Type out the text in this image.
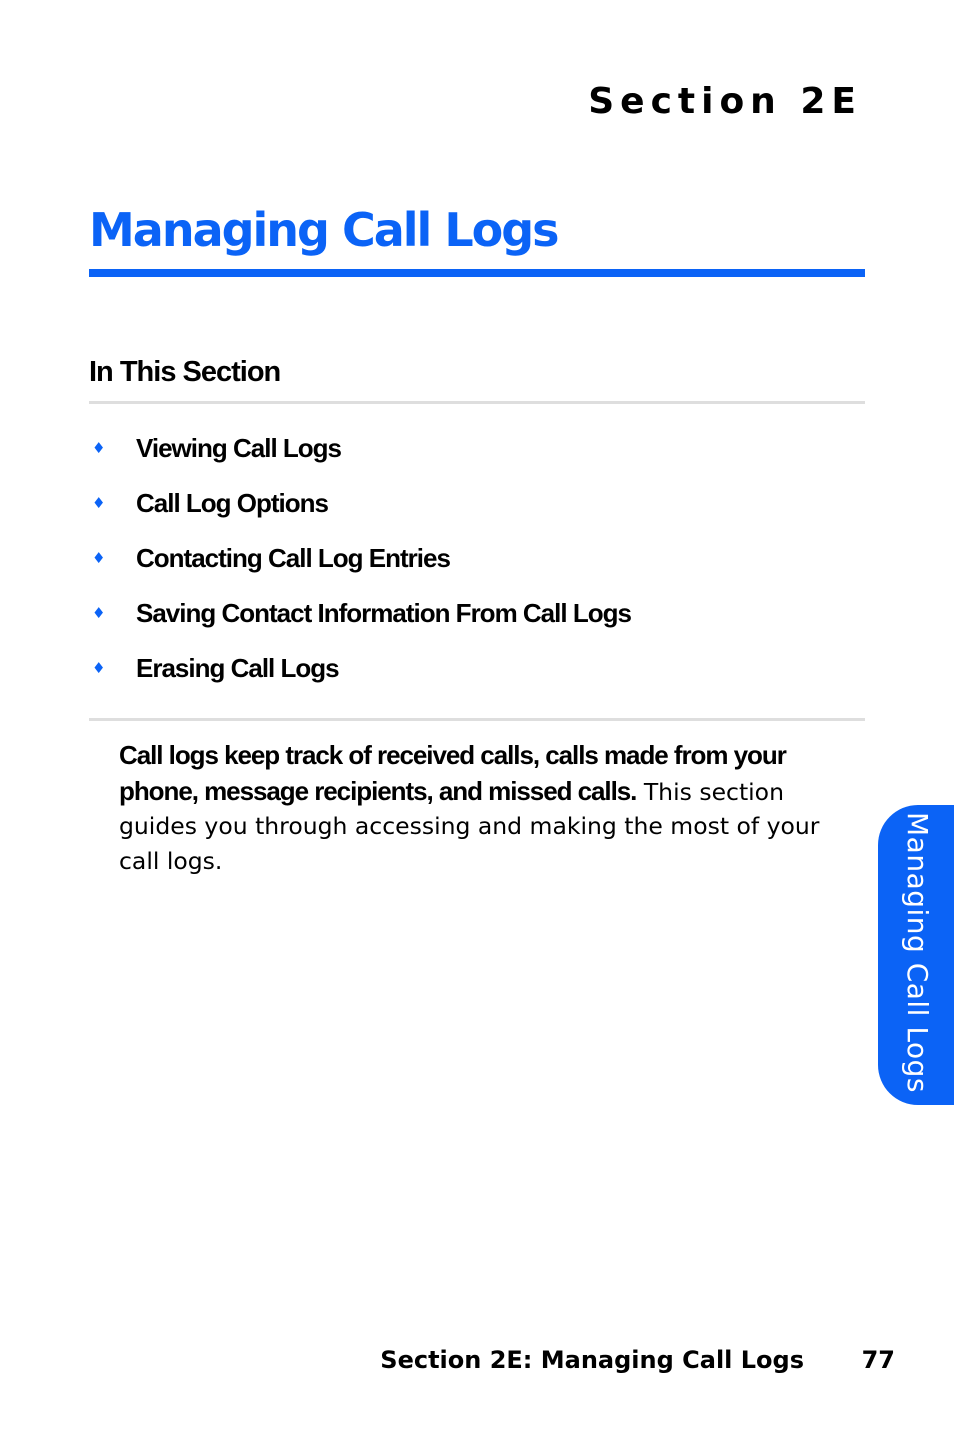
Section 2E
Managing Call Logs
In This Section
♦	Viewing Call Logs
♦	Call Log Options
♦	Contacting Call Log Entries
♦	Saving Contact Information From Call Logs
♦	Erasing Call Logs

Call logs keep track of received calls, calls made from your phone, message recipients, and missed calls. This section guides you through accessing and making the most of your call logs.	Managing Call Logs
Section 2E: Managing Call Logs 77
